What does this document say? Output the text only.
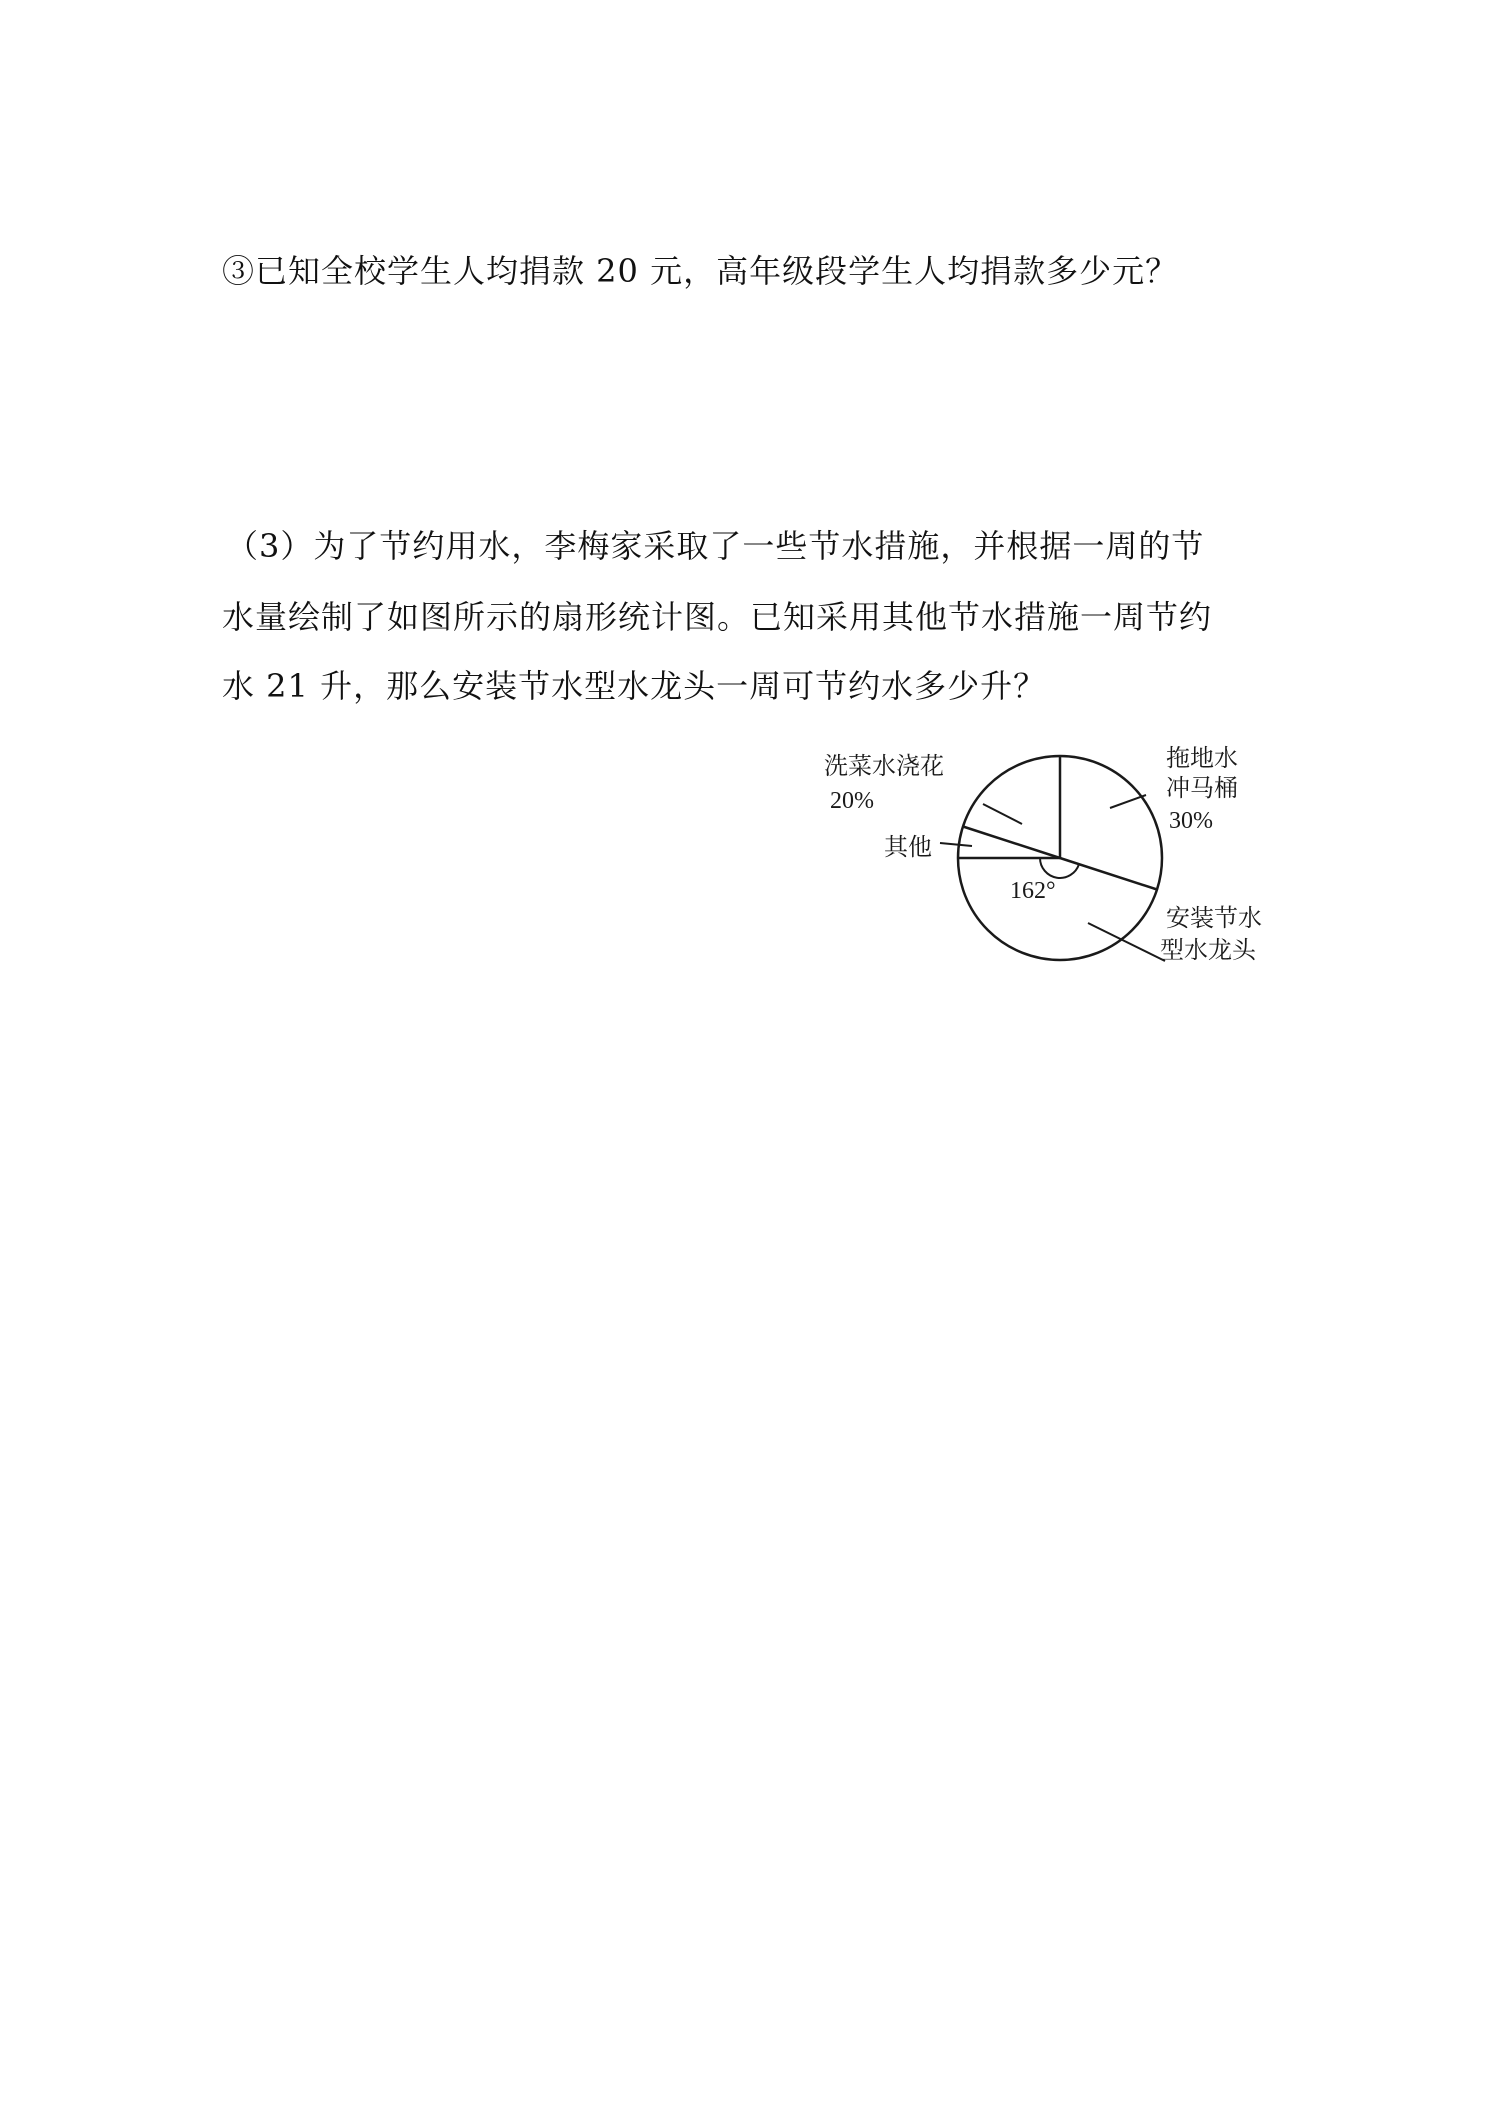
③已知全校学生人均捐款 20 元，高年级段学生人均捐款多少元？
（3）为了节约用水，李梅家采取了一些节水措施，并根据一周的节
水量绘制了如图所示的扇形统计图。已知采用其他节水措施一周节约
水 21 升，那么安装节水型水龙头一周可节约水多少升？
洗菜水浇花
20%
拖地水
冲马桶
30%
其他
162°
安装节水
型水龙头
